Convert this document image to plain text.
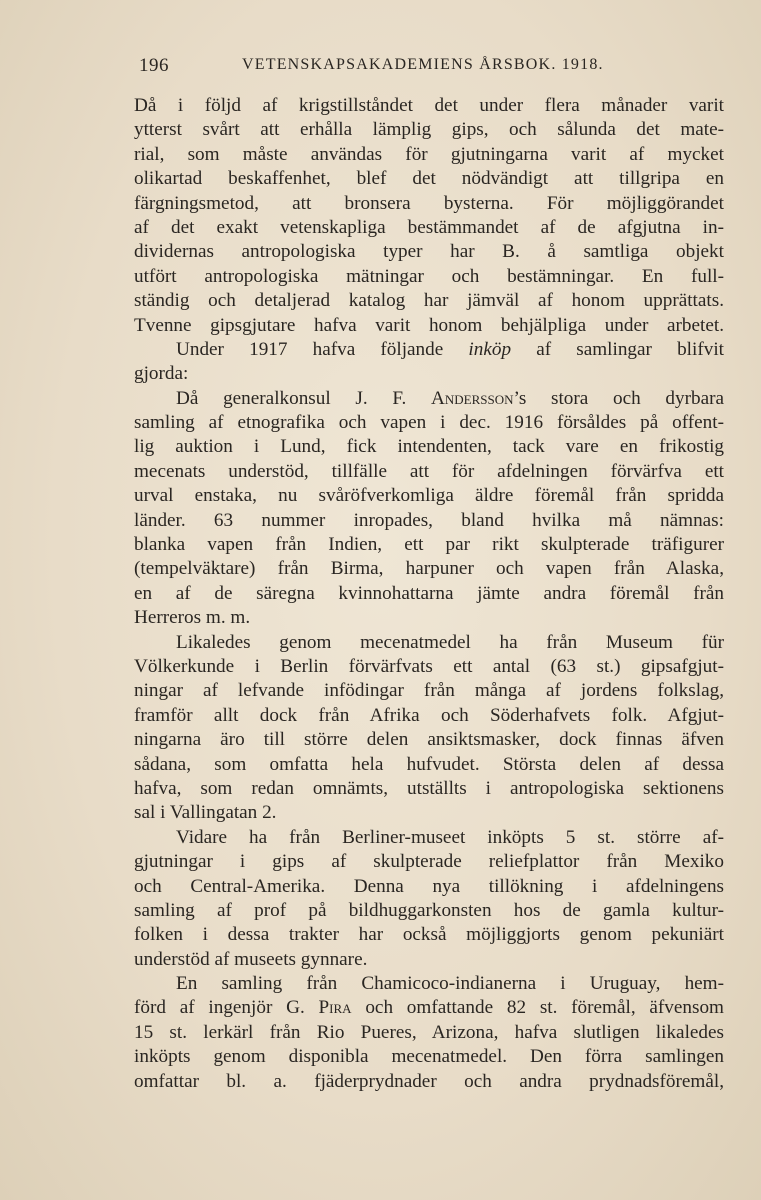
196	VETENSKAPSAKADEMIENS ÅRSBOK. 1918.
Då i följd af krigstillståndet det under flera månader varit
ytterst svårt att erhålla lämplig gips, och sålunda det mate-
rial, som måste användas för gjutningarna varit af mycket
olikartad beskaffenhet, blef det nödvändigt att tillgripa en
färgningsmetod, att bronsera bysterna. För möjliggörandet
af det exakt vetenskapliga bestämmandet af de afgjutna in-
dividernas antropologiska typer har B. å samtliga objekt
utfört antropologiska mätningar och bestämningar. En full-
ständig och detaljerad katalog har jämväl af honom upprättats.
Tvenne gipsgjutare hafva varit honom behjälpliga under arbetet.
Under 1917 hafva följande inköp af samlingar blifvit
gjorda:
Då generalkonsul J. F. Andersson’s stora och dyrbara
samling af etnografika och vapen i dec. 1916 försåldes på offent-
lig auktion i Lund, fick intendenten, tack vare en frikostig
mecenats understöd, tillfälle att för afdelningen förvärfva ett
urval enstaka, nu svåröfverkomliga äldre föremål från spridda
länder. 63 nummer inropades, bland hvilka må nämnas:
blanka vapen från Indien, ett par rikt skulpterade träfigurer
(tempelväktare) från Birma, harpuner och vapen från Alaska,
en af de säregna kvinnohattarna jämte andra föremål från
Herreros m. m.
Likaledes genom mecenatmedel ha från Museum für
Völkerkunde i Berlin förvärfvats ett antal (63 st.) gipsafgjut-
ningar af lefvande infödingar från många af jordens folkslag,
framför allt dock från Afrika och Söderhafvets folk. Afgjut-
ningarna äro till större delen ansiktsmasker, dock finnas äfven
sådana, som omfatta hela hufvudet. Största delen af dessa
hafva, som redan omnämts, utställts i antropologiska sektionens
sal i Vallingatan 2.
Vidare ha från Berliner-museet inköpts 5 st. större af-
gjutningar i gips af skulpterade reliefplattor från Mexiko
och Central-Amerika. Denna nya tillökning i afdelningens
samling af prof på bildhuggarkonsten hos de gamla kultur-
folken i dessa trakter har också möjliggjorts genom pekuniärt
understöd af museets gynnare.
En samling från Chamicoco-indianerna i Uruguay, hem-
förd af ingenjör G. Pira och omfattande 82 st. föremål, äfvensom
15 st. lerkärl från Rio Pueres, Arizona, hafva slutligen likaledes
inköpts genom disponibla mecenatmedel. Den förra samlingen
omfattar bl. a. fjäderprydnader och andra prydnadsföremål,
